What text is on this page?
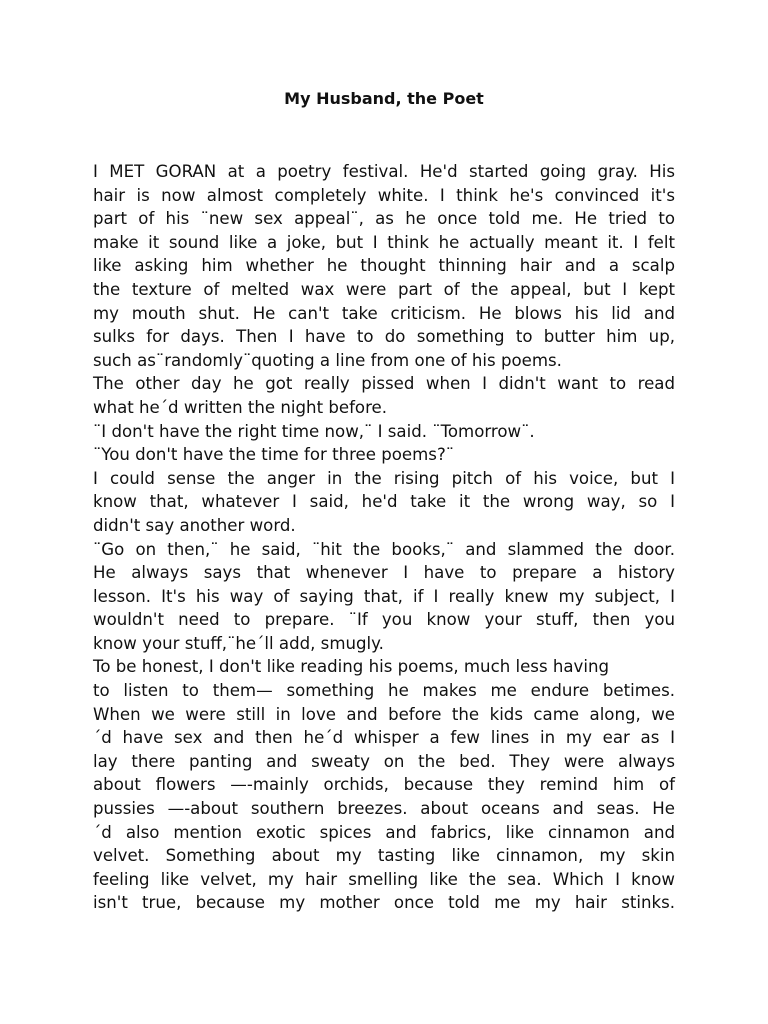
My Husband, the Poet
I MET GORAN at a poetry festival. He'd started going gray. His
hair is now almost completely white. I think he's convinced it's
part of his ¨new sex appeal¨, as he once told me. He tried to
make it sound like a joke, but I think he actually meant it. I felt
like asking him whether he thought thinning hair and a scalp
the texture of melted wax were part of the appeal, but I kept
my mouth shut. He can't take criticism. He blows his lid and
sulks for days. Then I have to do something to butter him up,
such as¨randomly¨quoting a line from one of his poems.
The other day he got really pissed when I didn't want to read
what he´d written the night before.
¨I don't have the right time now,¨ I said. ¨Tomorrow¨.
¨You don't have the time for three poems?¨
I could sense the anger in the rising pitch of his voice, but I
know that, whatever I said, he'd take it the wrong way, so I
didn't say another word.
¨Go on then,¨ he said, ¨hit the books,¨ and slammed the door.
He always says that whenever I have to prepare a history
lesson. It's his way of saying that, if I really knew my subject, I
wouldn't need to prepare. ¨If you know your stuff, then you
know your stuff,¨he´ll add, smugly.
To be honest, I don't like reading his poems, much less having
to listen to them— something he makes me endure betimes.
When we were still in love and before the kids came along, we
´d have sex and then he´d whisper a few lines in my ear as I
lay there panting and sweaty on the bed. They were always
about flowers —-mainly orchids, because they remind him of
pussies —-about southern breezes. about oceans and seas. He
´d also mention exotic spices and fabrics, like cinnamon and
velvet. Something about my tasting like cinnamon, my skin
feeling like velvet, my hair smelling like the sea. Which I know
isn't true, because my mother once told me my hair stinks.
